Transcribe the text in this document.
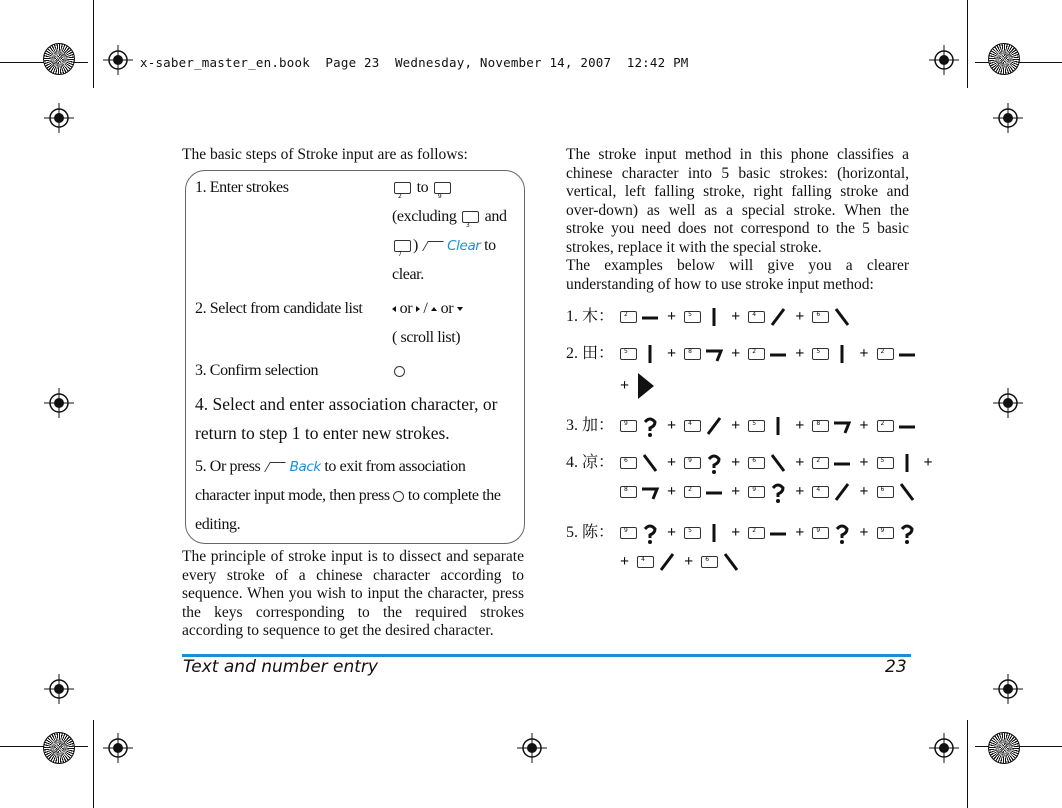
x-saber_master_en.book  Page 23  Wednesday, November 14, 2007  12:42 PM
The basic steps of Stroke input are as follows:
1. Enter strokes 2	to 9
(excluding 3 and
7) Clear to
clear.
2. Select from candidate list	or / or
( scroll list)
3. Confirm selection
4. Select and enter association character, or
return to step 1 to enter new strokes.
5. Or press Back to exit from association
character input mode, then press to complete the
editing.
The principle of stroke input is to dissect and separate every stroke of a chinese character according to sequence. When you wish to input the character, press the keys corresponding to the required strokes according to sequence to get the desired character.
The stroke input method in this phone classifies a chinese character into 5 basic strokes: (horizontal, vertical, left falling stroke, right falling stroke and over-down) as well as a special stroke. When the stroke you need does not correspond to the 5 basic strokes, replace it with the special stroke.
The examples below will give you a clearer understanding of how to use stroke input method:
1. 木： 2	+ 5	+ 4	+ 6
2. 田： 5	+ 8	+ 2	+ 5	+ 2
+
3. 加： 9	+ 4	+ 5	+ 8	+ 2
4. 凉： 6	+ 9	+ 6	+ 2	+ 5	+
8 + 2	+ 9	+ 4	+ 6
5. 陈： 9	+ 5	+ 2	+ 9	+ 9
+ 4	+ 6
Text and number entry	23
